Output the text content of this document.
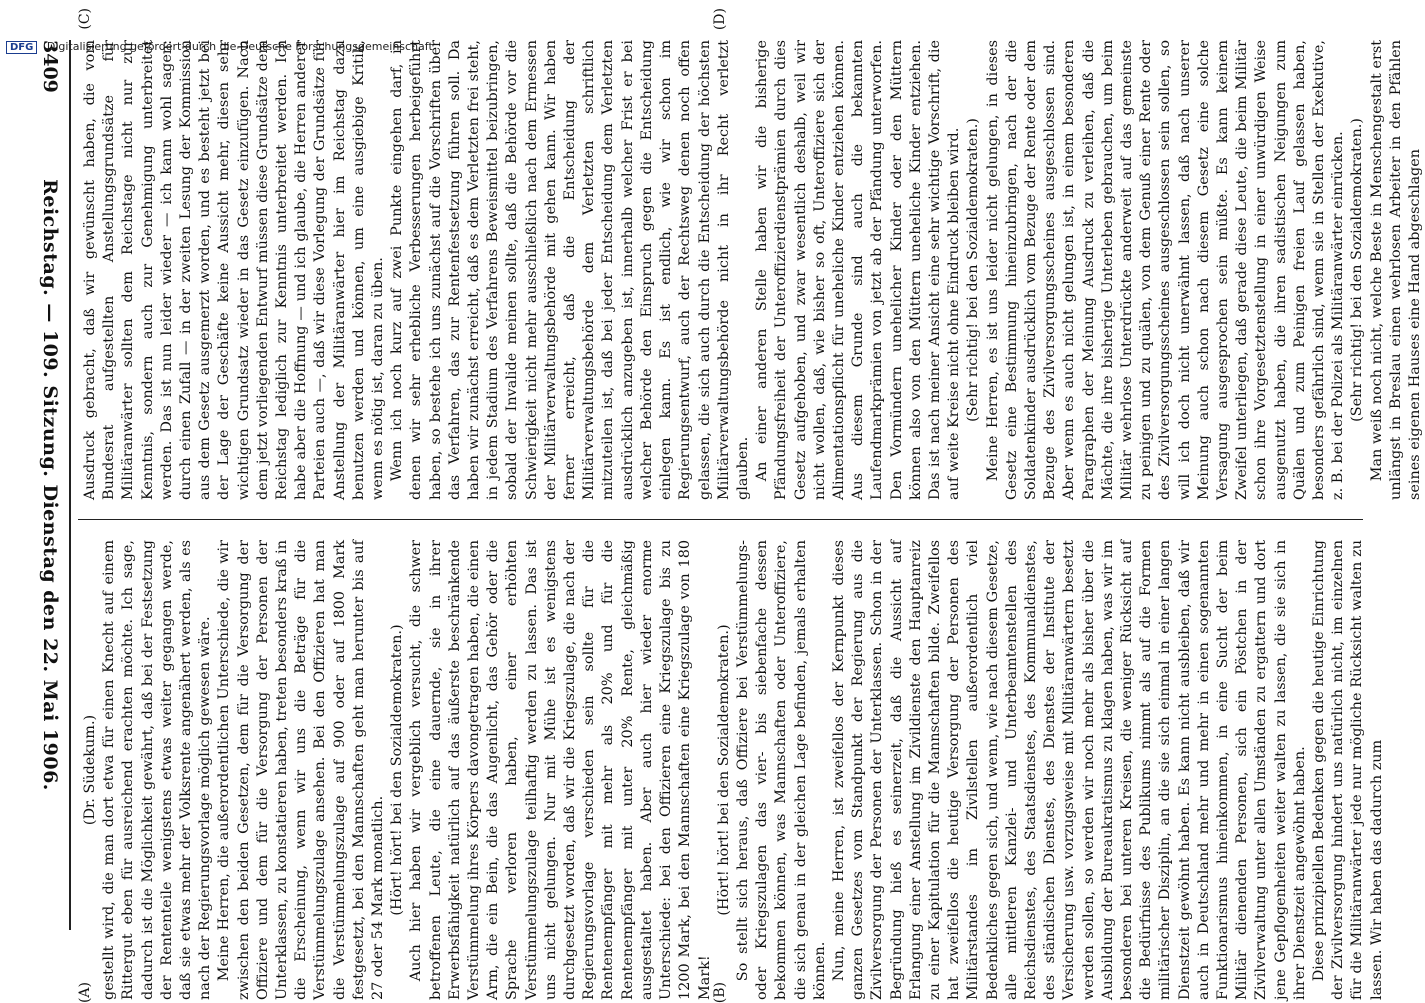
DFG Digitalisierung gefördert durch die Deutsche Forschungsgemeinschaft
Reichstag. — 109. Sitzung. Dienstag den 22. Mai 1906.
3409

(Dr. Südekum.) gestellt wird, die man dort etwa für einen Knecht auf einem Rittergut eben für ausreichend erachten möchte. Ich sage, dadurch ist die Möglichkeit gewährt, daß bei der Festsetzung der Rententeile wenigstens etwas weiter gegangen werde, daß sie etwas mehr der Volksrente angenähert werden, als es nach der Regierungsvorlage möglich gewesen wäre. Meine Herren, die außerordentlichen Unterschiede, die wir zwischen den beiden Gesetzen, dem für die Versorgung der Offiziere und dem für die Versorgung der Personen der Unterklassen, zu konstatieren haben, treten besonders kraß in die Erscheinung, wenn wir uns die Beträge für die Verstümmelungszulage ansehen. Bei den Offizieren hat man die Verstümmelungszulage auf 900 oder auf 1800 Mark festgesetzt, bei den Mannschaften geht man herunter bis auf 27 oder 54 Mark monatlich. (Hört! hört! bei den Sozialdemokraten.) Auch hier haben wir vergeblich versucht, die schwer betroffenen Leute, die eine dauernde, sie in ihrer Erwerbsfähigkeit natürlich auf das äußerste beschränkende Verstümmelung ihres Körpers davongetragen haben, die einen Arm, die ein Bein, die das Augenlicht, das Gehör oder die Sprache verloren haben, einer erhöhten Verstümmelungszulage teilhaftig werden zu lassen. Das ist uns nicht gelungen. Nur mit Mühe ist es wenigstens durchgesetzt worden, daß wir die Kriegszulage, die nach der Regierungsvorlage verschieden sein sollte für die Rentenempfänger mit mehr als 20% und für die Rentenempfänger mit unter 20% Rente, gleichmäßig ausgestaltet haben. Aber auch hier wieder enorme Unterschiede: bei den Offizieren eine Kriegszulage bis zu 1200 Mark, bei den Mannschaften eine Kriegszulage von 180 Mark!

(Hört! hört! bei den Sozialdemokraten.) So stellt sich heraus, daß Offiziere bei Verstümmelungs- oder Kriegszulagen das vier- bis siebenfache dessen bekommen können, was Mannschaften oder Unteroffiziere, die sich genau in der gleichen Lage befinden, jemals erhalten können. Nun, meine Herren, ist zweifellos der Kernpunkt dieses ganzen Gesetzes vom Standpunkt der Regierung aus die Zivilversorgung der Personen der Unterklassen. Schon in der Begründung hieß es seinerzeit, daß die Aussicht auf Erlangung einer Anstellung im Zivildienste den Hauptanreiz zu einer Kapitulation für die Mannschaften bilde. Zweifellos hat zweifellos die heutige Versorgung der Personen des Militärstandes im Zivilstellen außerordentlich viel Bedenkliches gegen sich, und wenn, wie nach diesem Gesetze, alle mittleren Kanzlei- und Unterbeamtenstellen des Reichsdienstes, des Staatsdienstes, des Kommunaldienstes, des ständischen Dienstes, des Dienstes der Institute der Versicherung usw. vorzugsweise mit Militäranwärtern besetzt werden sollen, so werden wir noch mehr als bisher über die Ausbildung der Bureaukratismus zu klagen haben, was wir im besonderen bei unteren Kreisen, die weniger Rücksicht auf die Bedürfnisse des Publikums nimmt als auf die Formen militärischer Disziplin, an die sie sich einmal in einer langen Dienstzeit gewöhnt haben. Es kann nicht ausbleiben, daß wir auch in Deutschland mehr und mehr in einen sogenannten Funktionarismus hineinkommen, in eine Sucht der beim Militär dienenden Personen, sich ein Pöstchen in der Zivilverwaltung unter allen Umständen zu ergattern und dort jene Gepflogenheiten weiter walten zu lassen, die sie sich in ihrer Dienstzeit angewöhnt haben. Diese prinzipiellen Bedenken gegen die heutige Einrichtung der Zivilversorgung hindert uns natürlich nicht, im einzelnen für die Militäranwärter jede nur mögliche Rücksicht walten zu lassen. Wir haben das dadurch zum

Ausdruck gebracht, daß wir gewünscht haben, die vom Bundesrat aufgestellten Anstellungsgrundsätze für Militäranwärter sollten dem Reichstage nicht nur zur Kenntnis, sondern auch zur Genehmigung unterbreitet werden. Das ist nun leider wieder — ich kann wohl sagen: durch einen Zufall — in der zweiten Lesung der Kommission aus dem Gesetz ausgemerzt worden, und es besteht jetzt bei der Lage der Geschäfte keine Aussicht mehr, diesen sehr wichtigen Grundsatz wieder in das Gesetz einzufügen. Nach dem jetzt vorliegenden Entwurf müssen diese Grundsätze dem Reichstag lediglich zur Kenntnis unterbreitet werden. Ich habe aber die Hoffnung — und ich glaube, die Herren anderer Parteien auch —, daß wir diese Vorlegung der Grundsätze für Anstellung der Militäranwärter hier im Reichstag dazu benutzen werden und können, um eine ausgiebige Kritik, wenn es nötig ist, daran zu üben. Wenn ich noch kurz auf zwei Punkte eingehen darf, in denen wir sehr erhebliche Verbesserungen herbeigeführt haben, so bestehe ich uns zunächst auf die Vorschriften über das Verfahren, das zur Rentenfestsetzung führen soll. Da haben wir zunächst erreicht, daß es dem Verletzten frei steht, in jedem Stadium des Verfahrens Beweismittel beizubringen, sobald der Invalide meinen sollte, daß die Behörde vor die Schwierigkeit nicht mehr ausschließlich nach dem Ermessen der Militärverwaltungsbehörde mit gehen kann. Wir haben ferner erreicht, daß die Entscheidung der Militärverwaltungsbehörde dem Verletzten schriftlich mitzuteilen ist, daß bei jeder Entscheidung dem Verletzten ausdrücklich anzugeben ist, innerhalb welcher Frist er bei welcher Behörde den Einspruch gegen die Entscheidung einlegen kann. Es ist endlich, wie wir schon im Regierungsentwurf, auch der Rechtsweg denen noch offen gelassen, die sich auch durch die Entscheidung der höchsten Militärverwaltungsbehörde nicht in ihr Recht verletzt glauben. An einer anderen Stelle haben wir die bisherige Pfändungsfreiheit der Unteroffizierdienstprämien durch dies Gesetz aufgehoben, und zwar wesentlich deshalb, weil wir nicht wollen, daß, wie bisher so oft, Unteroffiziere sich der Alimentationspflicht für uneheliche Kinder entziehen können. Aus diesem Grunde sind auch die bekannten Laufendmarkprämien von jetzt ab der Pfändung unterworfen. Den Vormündern unehelicher Kinder oder den Müttern können also von den Müttern uneheliche Kinder entziehen. Das ist nach meiner Ansicht eine sehr wichtige Vorschrift, die auf weite Kreise nicht ohne Eindruck bleiben wird. (Sehr richtig! bei den Sozialdemokraten.) Meine Herren, es ist uns leider nicht gelungen, in dieses Gesetz eine Bestimmung hineinzubringen, nach der die Soldatenkinder ausdrücklich vom Bezuge der Rente oder dem Bezuge des Zivilversorgungsscheines ausgeschlossen sind. Aber wenn es auch nicht gelungen ist, in einem besonderen Paragraphen der Meinung Ausdruck zu verleihen, daß die Mächte, die ihre bisherige Unterleben gebrauchen, um beim Militär wehrlose Unterdrückte anderweit auf das gemeinste zu peinigen und zu quälen, von dem Genuß einer Rente oder des Zivilversorgungsscheines ausgeschlossen sein sollen, so will ich doch nicht unerwähnt lassen, daß nach unserer Meinung auch schon nach diesem Gesetz eine solche Versagung ausgesprochen sein müßte. Es kann keinem Zweifel unterliegen, daß gerade diese Leute, die beim Militär schon ihre Vorgesetztenstellung in einer unwürdigen Weise ausgenutzt haben, die ihren sadistischen Neigungen zum Quälen und zum Peinigen freien Lauf gelassen haben, besonders gefährlich sind, wenn sie in Stellen der Exekutive, z. B. bei der Polizei als Militäranwärter einrücken. (Sehr richtig! bei den Sozialdemokraten.) Man weiß noch nicht, welche Beste in Menschengestalt erst unlängst in Breslau einen wehrlosen Arbeiter in den Pfählen seines eigenen Hauses eine Hand abgeschlagen

(A)	(B)
(C)	(D)
